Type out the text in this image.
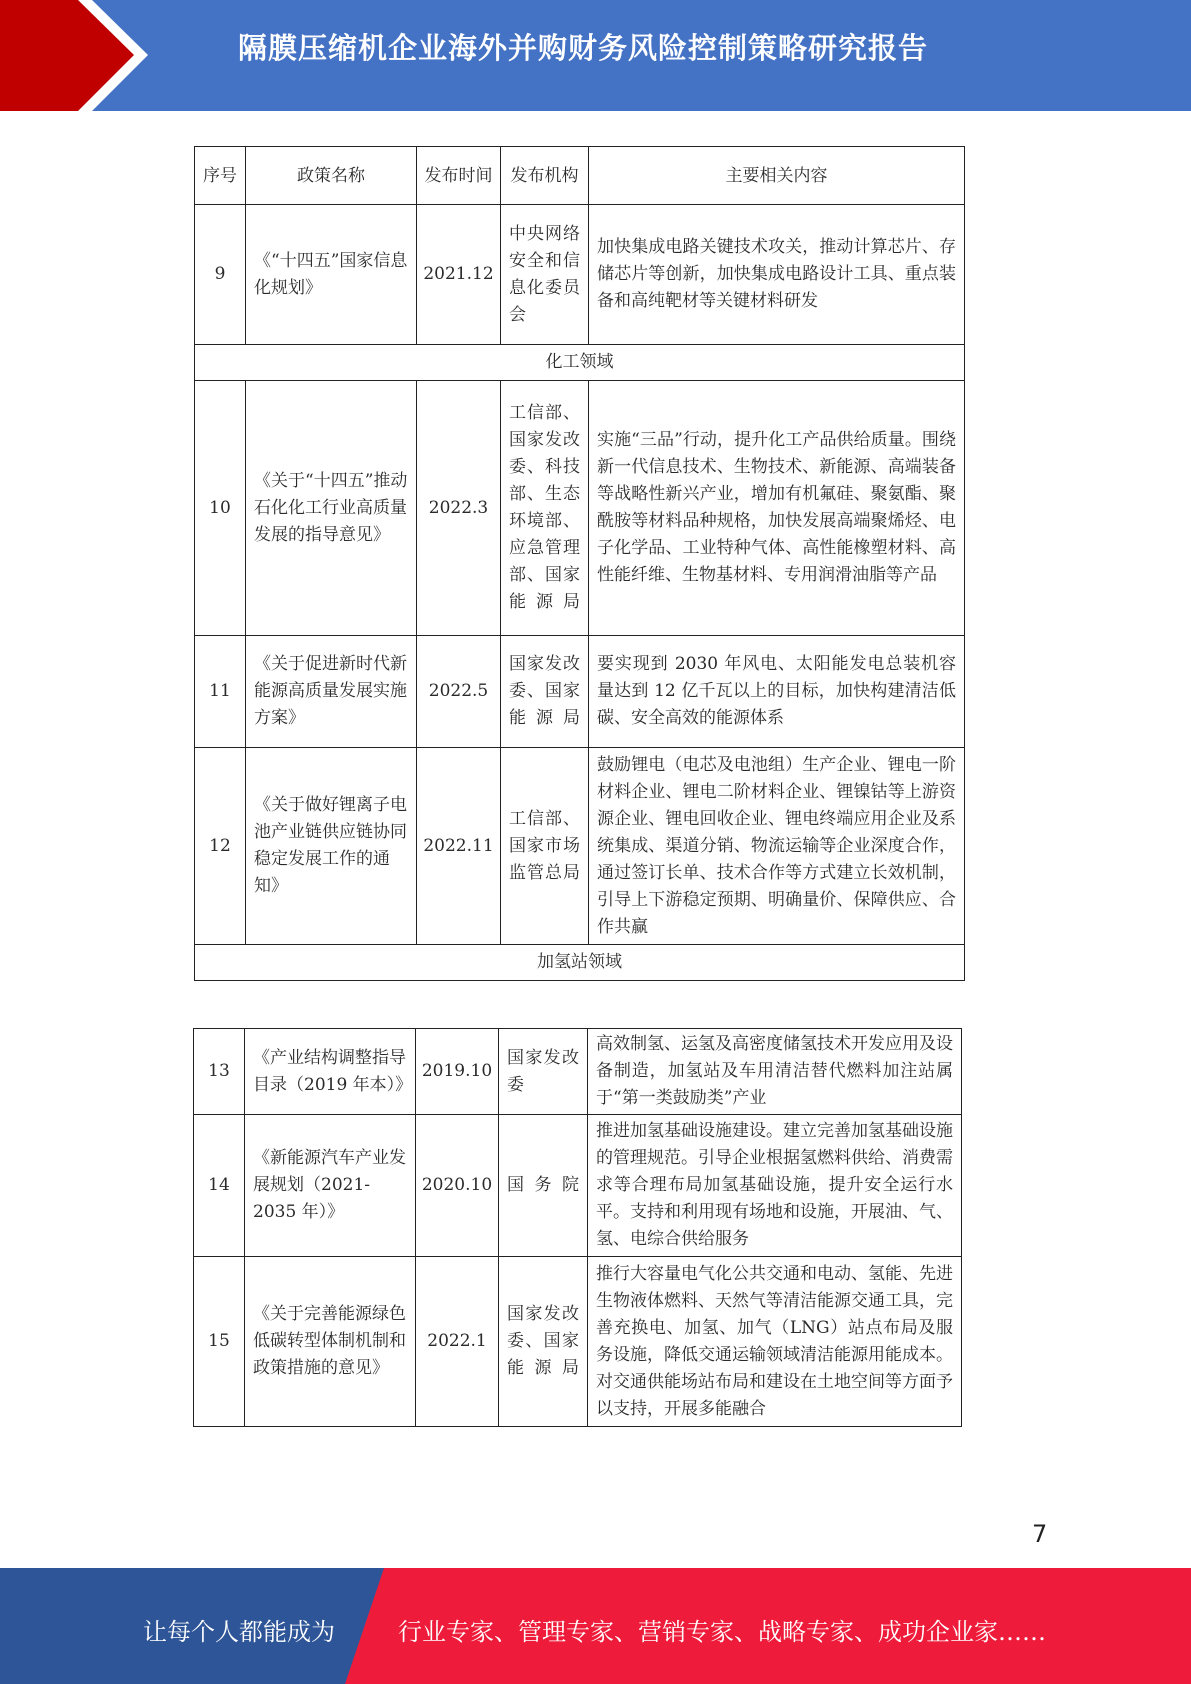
隔膜压缩机企业海外并购财务风险控制策略研究报告
序号	政策名称	发布时间	发布机构	主要相关内容
9	《“十四五”国家信息化规划》	2021.12	中央网络安全和信息化委员会	加快集成电路关键技术攻关，推动计算芯片、存储芯片等创新，加快集成电路设计工具、重点装备和高纯靶材等关键材料研发
化工领域				
10	《关于“十四五”推动石化化工行业高质量发展的指导意见》	2022.3	工信部、国家发改委、科技部、生态环境部、应急管理部、国家能源局	实施“三品”行动，提升化工产品供给质量。围绕新一代信息技术、生物技术、新能源、高端装备等战略性新兴产业，增加有机氟硅、聚氨酯、聚酰胺等材料品种规格，加快发展高端聚烯烃、电子化学品、工业特种气体、高性能橡塑材料、高性能纤维、生物基材料、专用润滑油脂等产品
11	《关于促进新时代新能源高质量发展实施方案》	2022.5	国家发改委、国家能源局	要实现到 2030 年风电、太阳能发电总装机容量达到 12 亿千瓦以上的目标，加快构建清洁低碳、安全高效的能源体系
12	《关于做好锂离子电池产业链供应链协同稳定发展工作的通知》	2022.11	工信部、国家市场监管总局	鼓励锂电（电芯及电池组）生产企业、锂电一阶材料企业、锂电二阶材料企业、锂镍钴等上游资源企业、锂电回收企业、锂电终端应用企业及系统集成、渠道分销、物流运输等企业深度合作，通过签订长单、技术合作等方式建立长效机制，引导上下游稳定预期、明确量价、保障供应、合作共赢
加氢站领域				
13	《产业结构调整指导目录（2019 年本）》	2019.10	国家发改委	高效制氢、运氢及高密度储氢技术开发应用及设备制造，加氢站及车用清洁替代燃料加注站属于“第一类鼓励类”产业
14	《新能源汽车产业发展规划（2021-2035 年）》	2020.10	国务院	推进加氢基础设施建设。建立完善加氢基础设施的管理规范。引导企业根据氢燃料供给、消费需求等合理布局加氢基础设施，提升安全运行水平。支持和利用现有场地和设施，开展油、气、氢、电综合供给服务
15	《关于完善能源绿色低碳转型体制机制和政策措施的意见》	2022.1	国家发改委、国家能源局	推行大容量电气化公共交通和电动、氢能、先进生物液体燃料、天然气等清洁能源交通工具，完善充换电、加氢、加气（LNG）站点布局及服务设施，降低交通运输领域清洁能源用能成本。对交通供能场站布局和建设在土地空间等方面予以支持，开展多能融合
7
让每个人都能成为	行业专家、管理专家、营销专家、战略专家、成功企业家……
